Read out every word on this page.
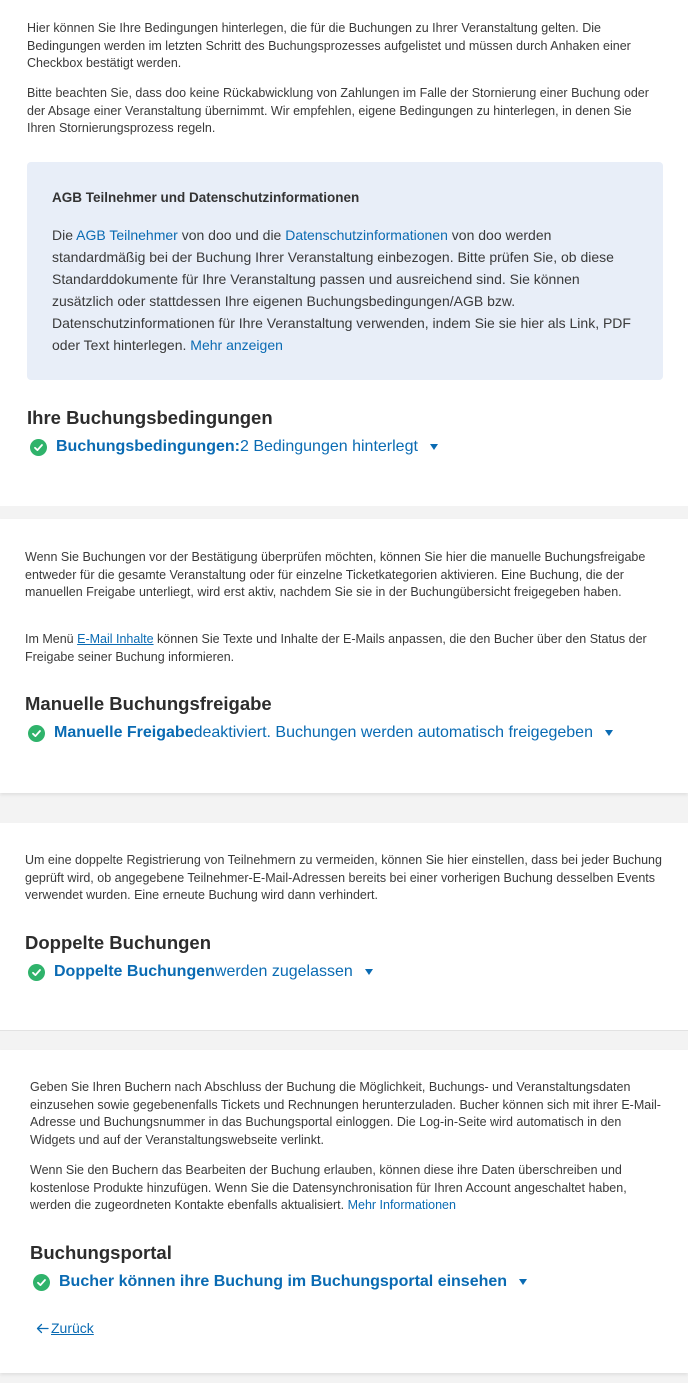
Hier können Sie Ihre Bedingungen hinterlegen, die für die Buchungen zu Ihrer Veranstaltung gelten. Die Bedingungen werden im letzten Schritt des Buchungsprozesses aufgelistet und müssen durch Anhaken einer Checkbox bestätigt werden.

Bitte beachten Sie, dass doo keine Rückabwicklung von Zahlungen im Falle der Stornierung einer Buchung oder der Absage einer Veranstaltung übernimmt. Wir empfehlen, eigene Bedingungen zu hinterlegen, in denen Sie Ihren Stornierungsprozess regeln.

AGB Teilnehmer und Datenschutzinformationen

Die AGB Teilnehmer von doo und die Datenschutzinformationen von doo werden standardmäßig bei der Buchung Ihrer Veranstaltung einbezogen. Bitte prüfen Sie, ob diese Standarddokumente für Ihre Veranstaltung passen und ausreichend sind. Sie können zusätzlich oder stattdessen Ihre eigenen Buchungsbedingungen/AGB bzw. Datenschutzinformationen für Ihre Veranstaltung verwenden, indem Sie sie hier als Link, PDF oder Text hinterlegen. Mehr anzeigen

Ihre Buchungsbedingungen
Buchungsbedingungen: 2 Bedingungen hinterlegt

Wenn Sie Buchungen vor der Bestätigung überprüfen möchten, können Sie hier die manuelle Buchungsfreigabe entweder für die gesamte Veranstaltung oder für einzelne Ticketkategorien aktivieren. Eine Buchung, die der manuellen Freigabe unterliegt, wird erst aktiv, nachdem Sie sie in der Buchungübersicht freigegeben haben.

Im Menü E-Mail Inhalte können Sie Texte und Inhalte der E-Mails anpassen, die den Bucher über den Status der Freigabe seiner Buchung informieren.

Manuelle Buchungsfreigabe
Manuelle Freigabe deaktiviert. Buchungen werden automatisch freigegeben

Um eine doppelte Registrierung von Teilnehmern zu vermeiden, können Sie hier einstellen, dass bei jeder Buchung geprüft wird, ob angegebene Teilnehmer-E-Mail-Adressen bereits bei einer vorherigen Buchung desselben Events verwendet wurden. Eine erneute Buchung wird dann verhindert.

Doppelte Buchungen
Doppelte Buchungen werden zugelassen

Geben Sie Ihren Buchern nach Abschluss der Buchung die Möglichkeit, Buchungs- und Veranstaltungsdaten einzusehen sowie gegebenenfalls Tickets und Rechnungen herunterzuladen. Bucher können sich mit ihrer E-Mail-Adresse und Buchungsnummer in das Buchungsportal einloggen. Die Log-in-Seite wird automatisch in den Widgets und auf der Veranstaltungswebseite verlinkt.

Wenn Sie den Buchern das Bearbeiten der Buchung erlauben, können diese ihre Daten überschreiben und kostenlose Produkte hinzufügen. Wenn Sie die Datensynchronisation für Ihren Account angeschaltet haben, werden die zugeordneten Kontakte ebenfalls aktualisiert. Mehr Informationen

Buchungsportal
Bucher können ihre Buchung im Buchungsportal einsehen
Zurück
